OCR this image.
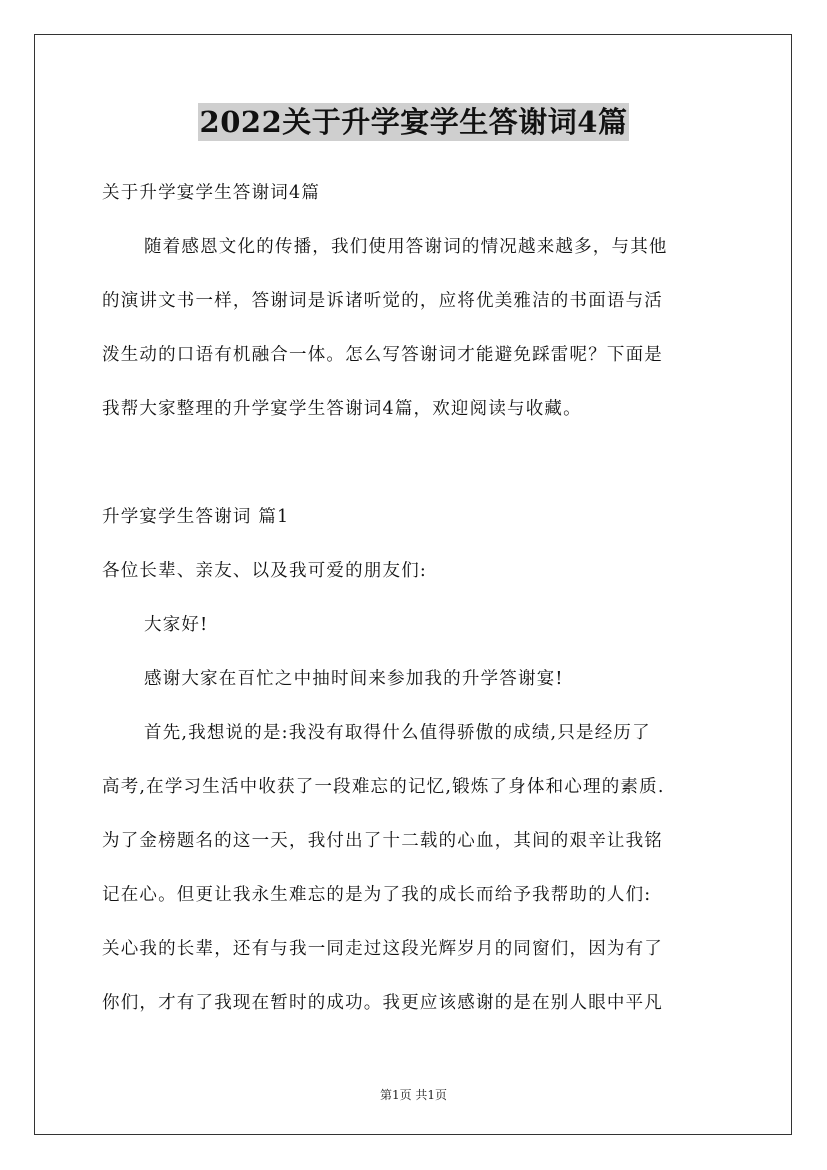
2022关于升学宴学生答谢词4篇
关于升学宴学生答谢词4篇
随着感恩文化的传播，我们使用答谢词的情况越来越多，与其他
的演讲文书一样，答谢词是诉诸听觉的，应将优美雅洁的书面语与活
泼生动的口语有机融合一体。怎么写答谢词才能避免踩雷呢？下面是
我帮大家整理的升学宴学生答谢词4篇，欢迎阅读与收藏。
升学宴学生答谢词 篇1
各位长辈、亲友、以及我可爱的朋友们:
大家好!
感谢大家在百忙之中抽时间来参加我的升学答谢宴!
首先,我想说的是:我没有取得什么值得骄傲的成绩,只是经历了
高考,在学习生活中收获了一段难忘的记忆,锻炼了身体和心理的素质.
为了金榜题名的这一天，我付出了十二载的心血，其间的艰辛让我铭
记在心。但更让我永生难忘的是为了我的成长而给予我帮助的人们:
关心我的长辈，还有与我一同走过这段光辉岁月的同窗们，因为有了
你们，才有了我现在暂时的成功。我更应该感谢的是在别人眼中平凡
第1页 共1页
